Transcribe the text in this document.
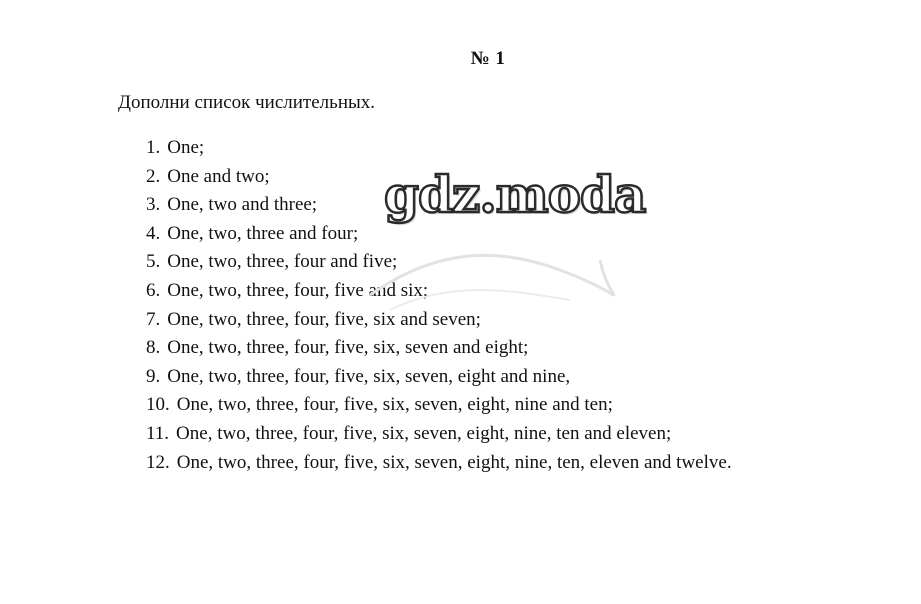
№ 1
Дополни список числительных.
1. One;
2. One and two;
3. One, two and three;
4. One, two, three and four;
5. One, two, three, four and five;
6. One, two, three, four, five and six;
7. One, two, three, four, five, six and seven;
8. One, two, three, four, five, six, seven and eight;
9. One, two, three, four, five, six, seven, eight and nine,
10. One, two, three, four, five, six, seven, eight, nine and ten;
11. One, two, three, four, five, six, seven, eight, nine, ten and eleven;
12. One, two, three, four, five, six, seven, eight, nine, ten, eleven and twelve.
gdz.moda
